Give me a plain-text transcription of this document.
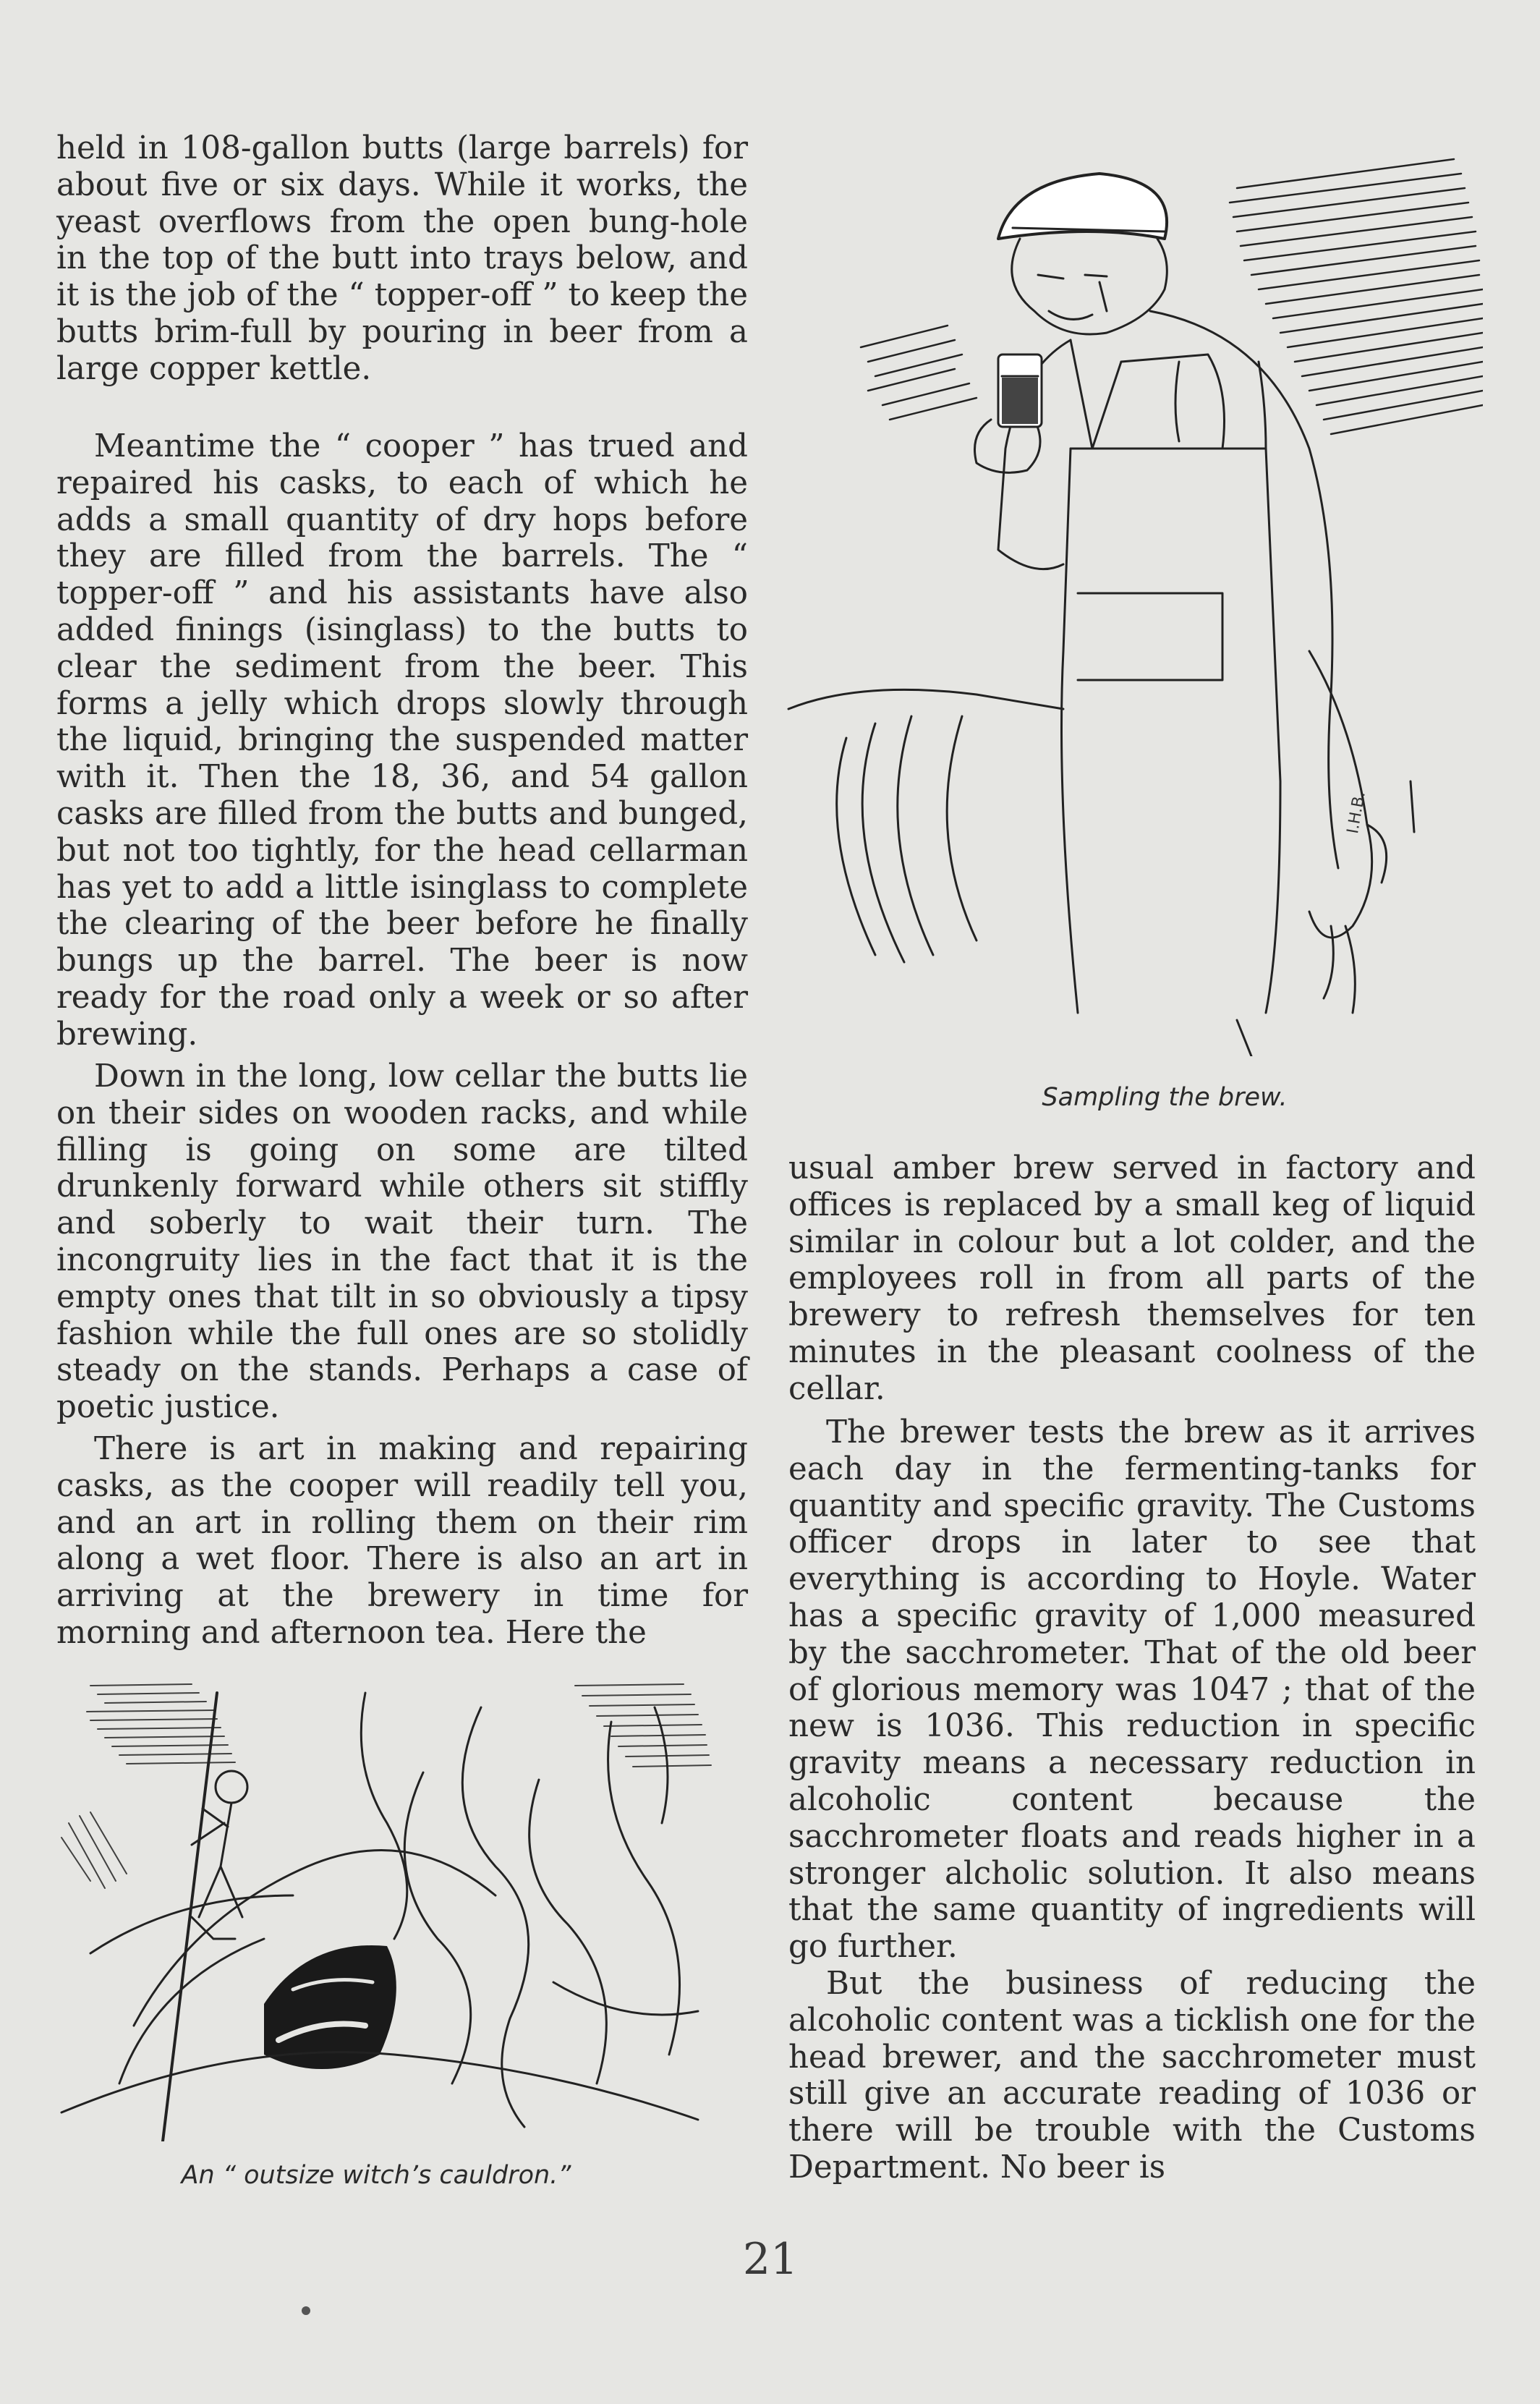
held in 108-gallon butts (large barrels) for about five or six days. While it works, the yeast overflows from the open bung-hole in the top of the butt into trays below, and it is the job of the “ topper-off ” to keep the butts brim-full by pouring in beer from a large copper kettle.

Meantime the “ cooper ” has trued and repaired his casks, to each of which he adds a small quantity of dry hops before they are filled from the barrels. The “ topper-off ” and his assistants have also added finings (isinglass) to the butts to clear the sediment from the beer. This forms a jelly which drops slowly through the liquid, bringing the suspended matter with it. Then the 18, 36, and 54 gallon casks are filled from the butts and bunged, but not too tightly, for the head cellarman has yet to add a little isinglass to complete the clearing of the beer before he finally bungs up the barrel. The beer is now ready for the road only a week or so after brewing.

Down in the long, low cellar the butts lie on their sides on wooden racks, and while filling is going on some are tilted drunkenly forward while others sit stiffly and soberly to wait their turn. The incongruity lies in the fact that it is the empty ones that tilt in so obviously a tipsy fashion while the full ones are so stolidly steady on the stands. Perhaps a case of poetic justice.

There is art in making and repairing casks, as the cooper will readily tell you, and an art in rolling them on their rim along a wet floor. There is also an art in arriving at the brewery in time for morning and afternoon tea. Here the

An “ outsize witch’s cauldron.”

Sampling the brew.

I.H.B.

usual amber brew served in factory and offices is replaced by a small keg of liquid similar in colour but a lot colder, and the employees roll in from all parts of the brewery to refresh themselves for ten minutes in the pleasant coolness of the cellar.

The brewer tests the brew as it arrives each day in the fermenting-tanks for quantity and specific gravity. The Customs officer drops in later to see that everything is according to Hoyle. Water has a specific gravity of 1,000 measured by the sacchrometer. That of the old beer of glorious memory was 1047 ; that of the new is 1036. This reduction in specific gravity means a necessary reduction in alcoholic content because the sacchrometer floats and reads higher in a stronger alcholic solution. It also means that the same quantity of ingredients will go further.

But the business of reducing the alcoholic content was a ticklish one for the head brewer, and the sacchrometer must still give an accurate reading of 1036 or there will be trouble with the Customs Department. No beer is

21
